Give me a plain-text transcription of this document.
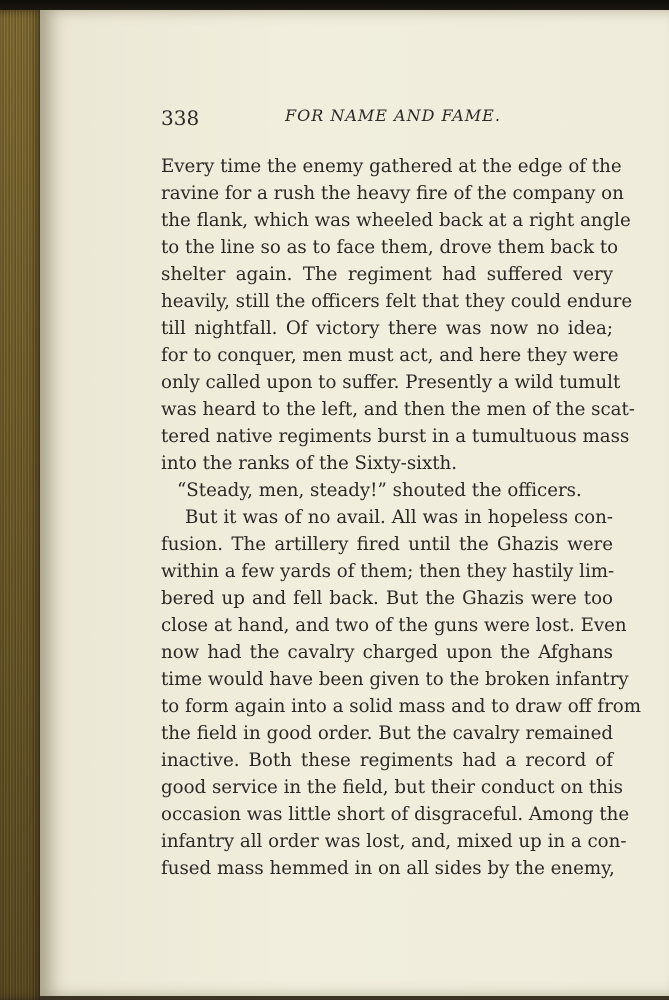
338	FOR NAME AND FAME.
Every time the enemy gathered at the edge of the
ravine for a rush the heavy fire of the company on
the flank, which was wheeled back at a right angle
to the line so as to face them, drove them back to
shelter again. The regiment had suffered very
heavily, still the officers felt that they could endure
till nightfall. Of victory there was now no idea;
for to conquer, men must act, and here they were
only called upon to suffer. Presently a wild tumult
was heard to the left, and then the men of the scat-
tered native regiments burst in a tumultuous mass
into the ranks of the Sixty-sixth.
“Steady, men, steady!” shouted the officers.
But it was of no avail. All was in hopeless con-
fusion. The artillery fired until the Ghazis were
within a few yards of them; then they hastily lim-
bered up and fell back. But the Ghazis were too
close at hand, and two of the guns were lost. Even
now had the cavalry charged upon the Afghans
time would have been given to the broken infantry
to form again into a solid mass and to draw off from
the field in good order. But the cavalry remained
inactive. Both these regiments had a record of
good service in the field, but their conduct on this
occasion was little short of disgraceful. Among the
infantry all order was lost, and, mixed up in a con-
fused mass hemmed in on all sides by the enemy,
